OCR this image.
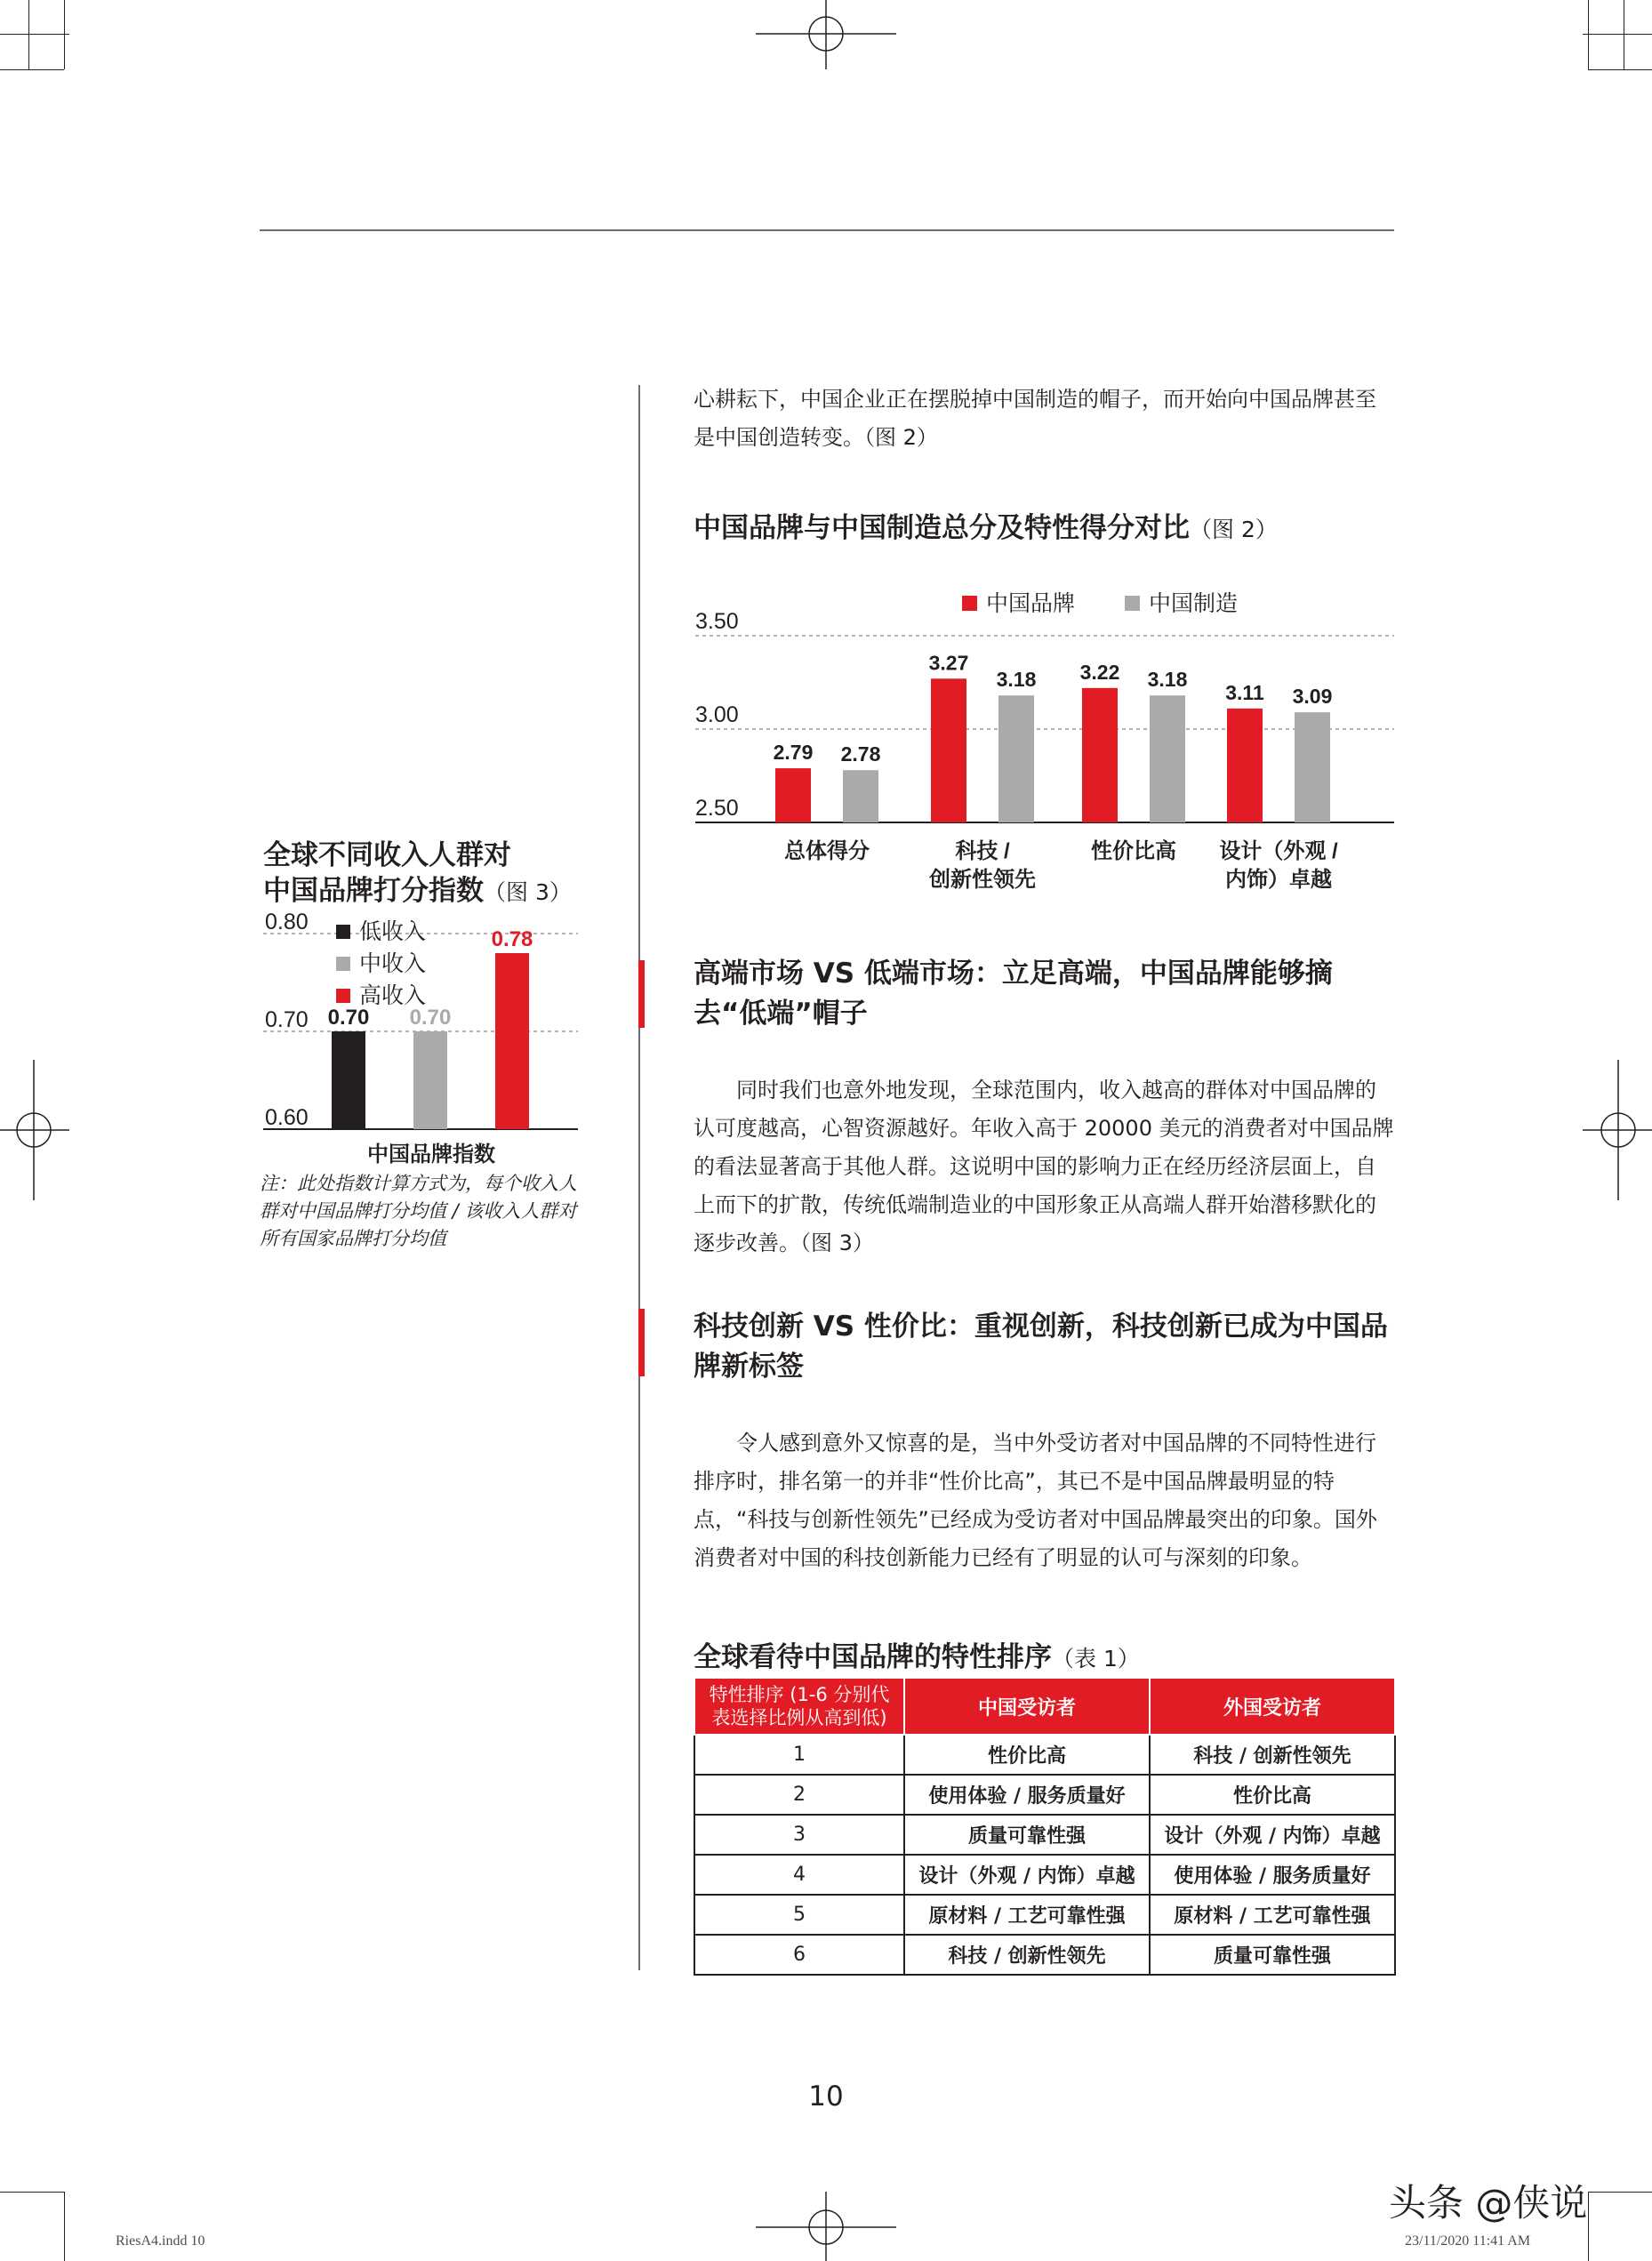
心耕耘下，中国企业正在摆脱掉中国制造的帽子，而开始向中国品牌甚至是中国创造转变。（图 2）

中国品牌与中国制造总分及特性得分对比（图 2）
2.50
3.00
3.50
中国品牌	中国制造
2.79 2.78
总体得分
3.27
3.18
科技 /
创新性领先
3.22 3.18
性价比高
3.11 3.09
设计（外观 /
内饰）卓越
全球不同收入人群对
中国品牌打分指数（图 3）
0.60
0.70
0.80 低收入
0.70
中收入
0.70
高收入
0.78
中国品牌指数
注：此处指数计算方式为，每个收入人群对中国品牌打分均值 / 该收入人群对所有国家品牌打分均值
高端市场 VS 低端市场：立足高端，中国品牌能够摘去“低端”帽子

同时我们也意外地发现，全球范围内，收入越高的群体对中国品牌的认可度越高，心智资源越好。年收入高于 20000 美元的消费者对中国品牌的看法显著高于其他人群。这说明中国的影响力正在经历经济层面上，自上而下的扩散，传统低端制造业的中国形象正从高端人群开始潜移默化的逐步改善。（图 3）

科技创新 VS 性价比：重视创新，科技创新已成为中国品牌新标签

令人感到意外又惊喜的是，当中外受访者对中国品牌的不同特性进行排序时，排名第一的并非“性价比高”，其已不是中国品牌最明显的特点，“科技与创新性领先”已经成为受访者对中国品牌最突出的印象。国外消费者对中国的科技创新能力已经有了明显的认可与深刻的印象。

全球看待中国品牌的特性排序（表 1）
特性排序 (1-6 分别代表选择比例从高到低)	中国受访者	外国受访者
1	性价比高	科技 / 创新性领先
2	使用体验 / 服务质量好	性价比高
3	质量可靠性强	设计（外观 / 内饰）卓越
4	设计（外观 / 内饰）卓越	使用体验 / 服务质量好
5	原材料 / 工艺可靠性强	原材料 / 工艺可靠性强
6	科技 / 创新性领先	质量可靠性强
10
RiesA4.indd 10	23/11/2020 11:41 AM
头条 @侠说
